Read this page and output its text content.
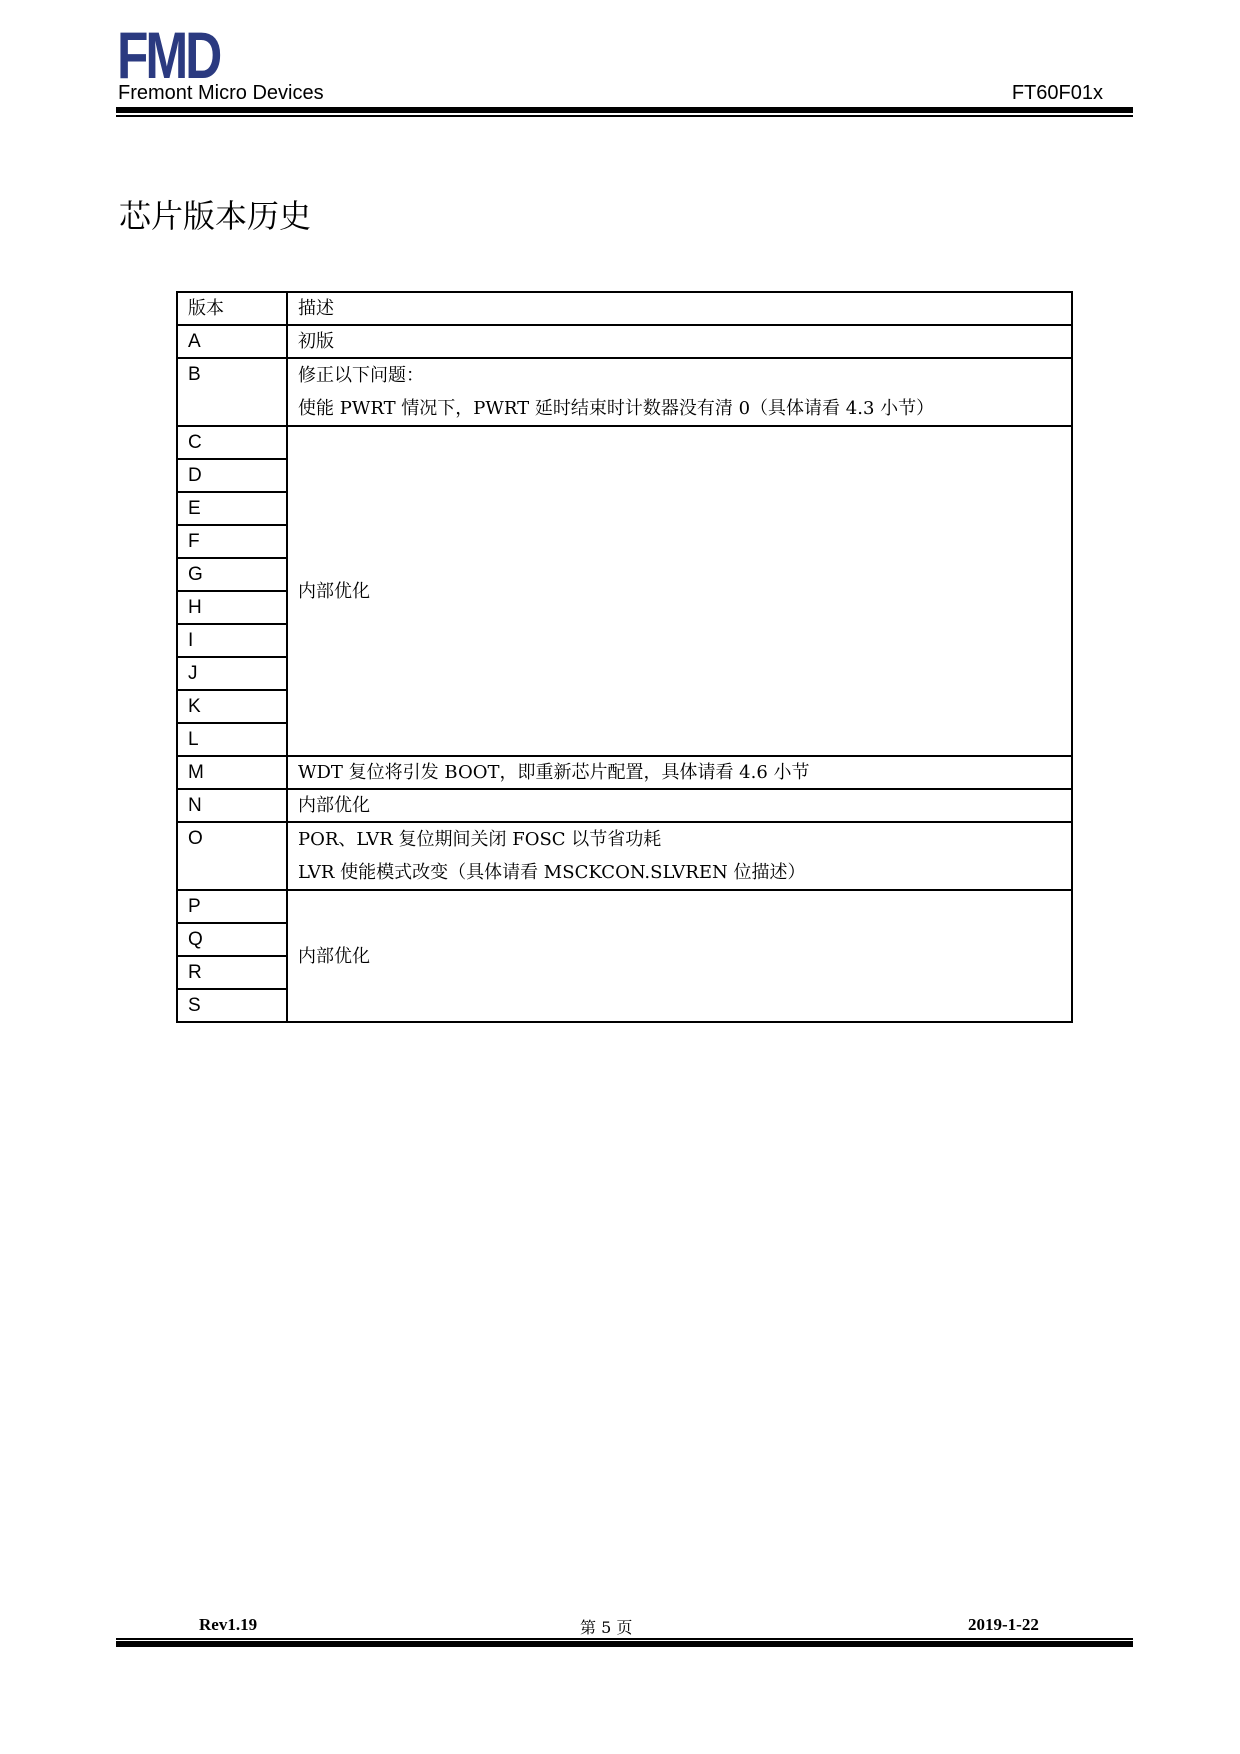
FMD
Fremont Micro Devices	FT60F01x
芯片版本历史
版本	描述
A	初版
B	修正以下问题：
使能 PWRT 情况下，PWRT 延时结束时计数器没有清 0（具体请看 4.3 小节）

C	内部优化
D	
E	
F	
G	
H	
I	
J	
K	
L	
M	WDT 复位将引发 BOOT，即重新芯片配置，具体请看 4.6 小节
N	内部优化
O	POR、LVR 复位期间关闭 FOSC 以节省功耗
LVR 使能模式改变（具体请看 MSCKCON.SLVREN 位描述）

P	内部优化
Q	
R	
S	
Rev1.19	第 5 页	2019-1-22
